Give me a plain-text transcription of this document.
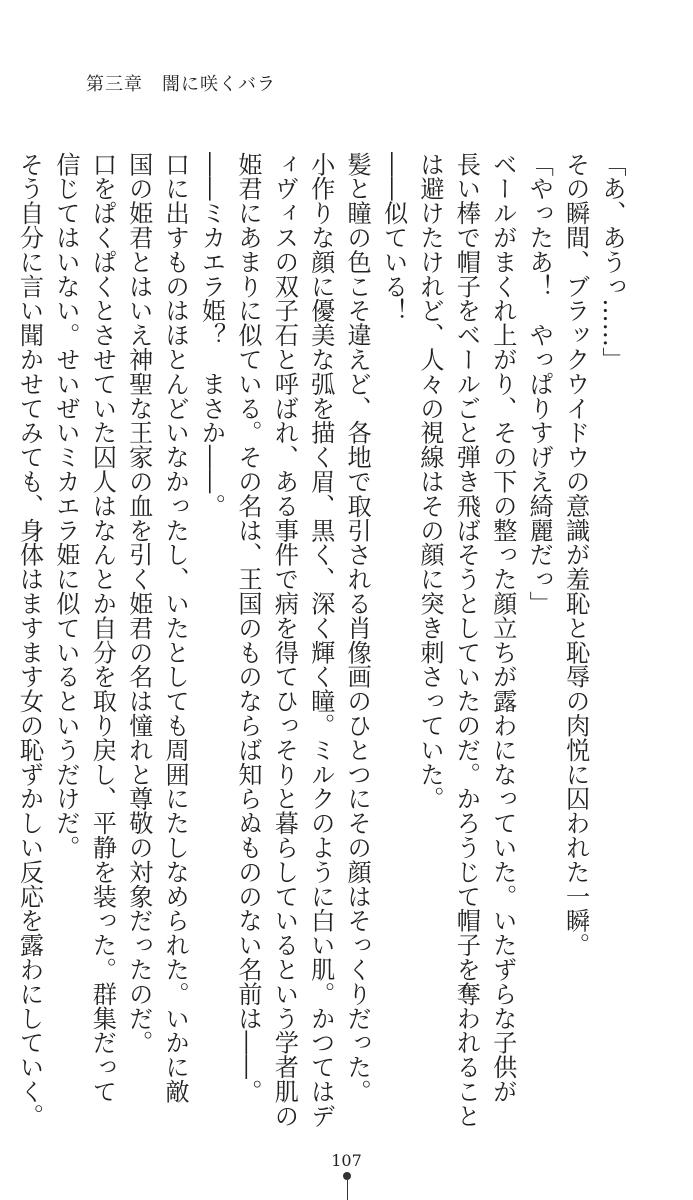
第三章　闇に咲くバラ

「あ、あうっ……」

その瞬間、ブラックウイドウの意識が羞恥と恥辱の肉悦に囚われた一瞬。

「やったあ！　やっぱりすげえ綺麗だっ」

ベールがまくれ上がり、その下の整った顔立ちが露わになっていた。いたずらな子供が

長い棒で帽子をベールごと弾き飛ばそうとしていたのだ。かろうじて帽子を奪われること

は避けたけれど、人々の視線はその顔に突き刺さっていた。

――似ている！

髪と瞳の色こそ違えど、各地で取引される肖像画のひとつにその顔はそっくりだった。

小作りな顔に優美な弧を描く眉、黒く、深く輝く瞳。ミルクのように白い肌。かつてはデ

ィヴィスの双子石と呼ばれ、ある事件で病を得てひっそりと暮らしているという学者肌の

姫君にあまりに似ている。その名は、王国のものならば知らぬもののない名前は――。

――ミカエラ姫？　まさか――。

口に出すものはほとんどいなかったし、いたとしても周囲にたしなめられた。いかに敵

国の姫君とはいえ神聖な王家の血を引く姫君の名は憧れと尊敬の対象だったのだ。

口をぱくぱくとさせていた囚人はなんとか自分を取り戻し、平静を装った。群集だって

信じてはいない。せいぜいミカエラ姫に似ているというだけだ。

そう自分に言い聞かせてみても、身体はますます女の恥ずかしい反応を露わにしていく。

107
